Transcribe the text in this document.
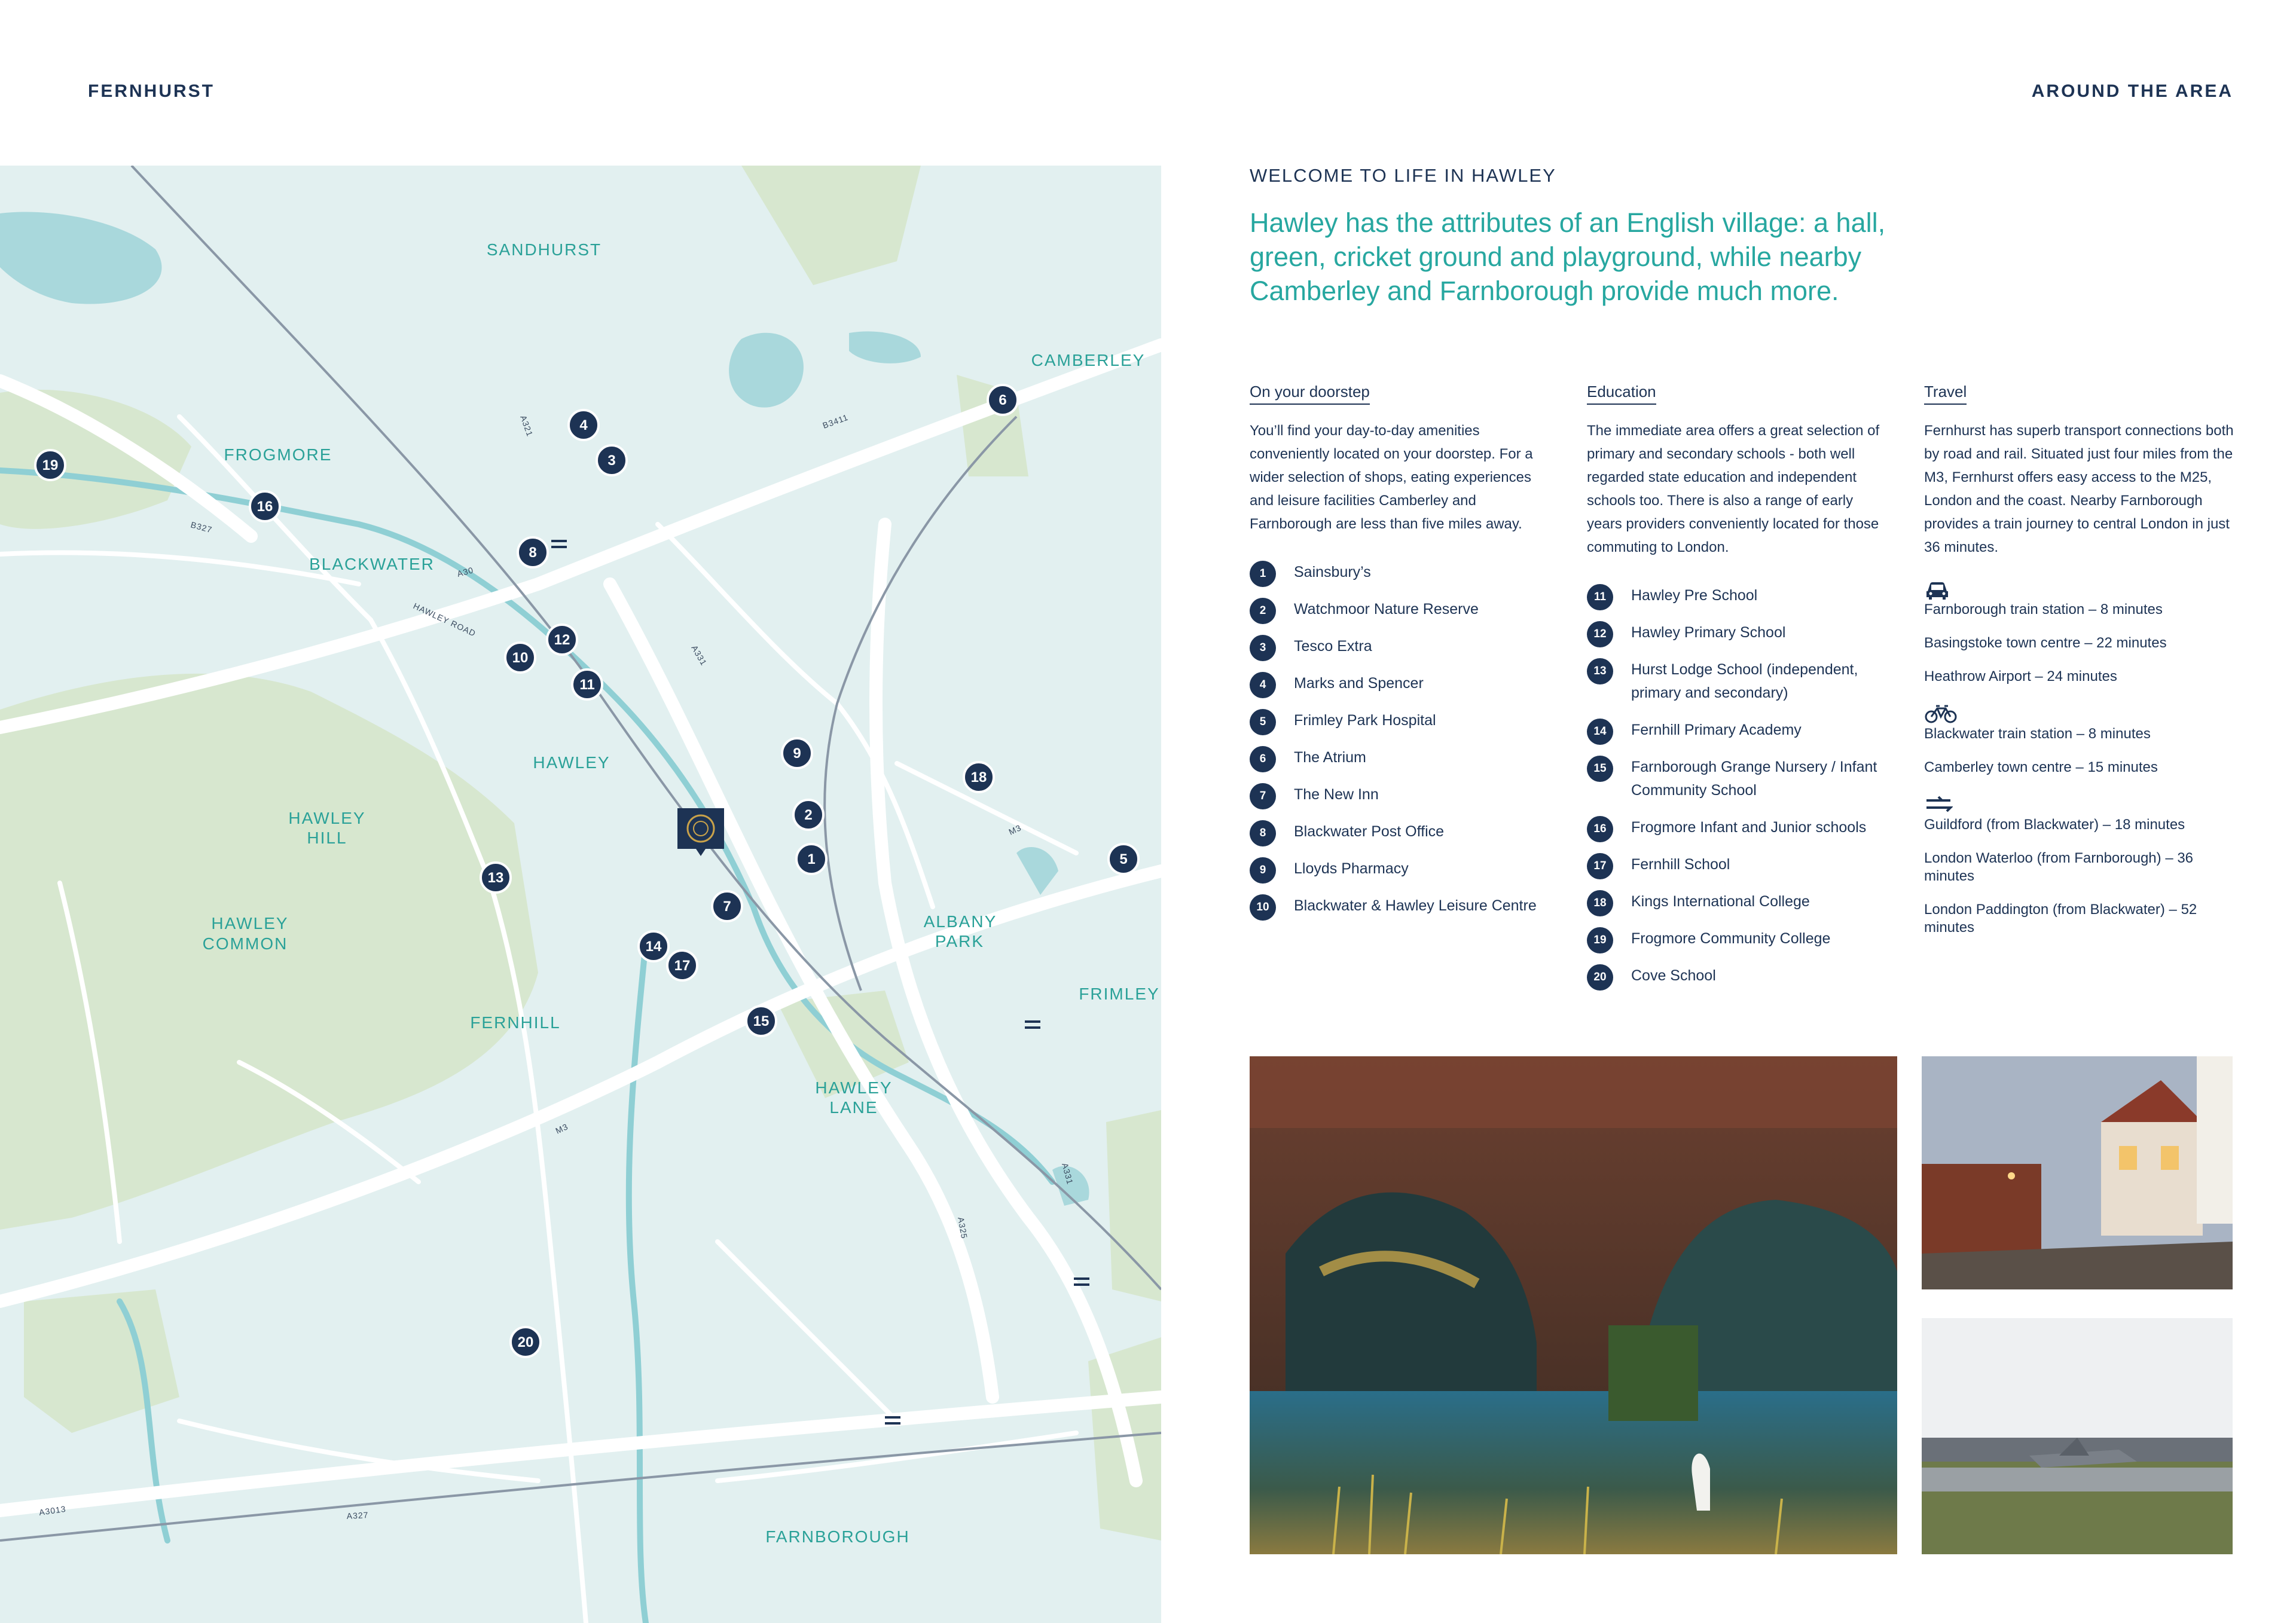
FERNHURST	AROUND THE AREA
SANDHURST
CAMBERLEY
FROGMORE
BLACKWATER
HAWLEY
HAWLEY
HILL
HAWLEY
COMMON
ALBANY
PARK
FRIMLEY
FERNHILL
HAWLEY
LANE
FARNBOROUGH
A321	B3411
B327
A30
HAWLEY ROAD
A331
M3
M3
A325
A331
A3013	A327
19
16
4
3
8
6
10
12
11
9
18
2
1	5
13
7
14
17
15
20
WELCOME TO LIFE IN HAWLEY
Hawley has the attributes of an English village: a hall, green, cricket ground and playground, while nearby Camberley and Farnborough provide much more.
On your doorstep

You’ll find your day-to-day amenities conveniently located on your doorstep. For a wider selection of shops, eating experiences and leisure facilities Camberley and Farnborough are less than five miles away.

1	Sainsbury’s
2	Watchmoor Nature Reserve
3	Tesco Extra
4	Marks and Spencer
5	Frimley Park Hospital
6	The Atrium
7	The New Inn
8	Blackwater Post Office
9	Lloyds Pharmacy
10	Blackwater & Hawley Leisure Centre
Education

The immediate area offers a great selection of primary and secondary schools - both well regarded state education and independent schools too. There is also a range of early years providers conveniently located for those commuting to London.

11	Hawley Pre School
12	Hawley Primary School
13	Hurst Lodge School (independent, primary and secondary)
14	Fernhill Primary Academy
15	Farnborough Grange Nursery / Infant Community School
16	Frogmore Infant and Junior schools
17	Fernhill School
18	Kings International College
19	Frogmore Community College
20	Cove School
Travel

Fernhurst has superb transport connections both by road and rail. Situated just four miles from the M3, Fernhurst offers easy access to the M25, London and the coast. Nearby Farnborough provides a train journey to central London in just 36 minutes.

Farnborough train station – 8 minutes
Basingstoke town centre – 22 minutes
Heathrow Airport – 24 minutes
Blackwater train station – 8 minutes
Camberley town centre – 15 minutes
Guildford (from Blackwater) – 18 minutes
London Waterloo (from Farnborough) – 36 minutes
London Paddington (from Blackwater) – 52 minutes
